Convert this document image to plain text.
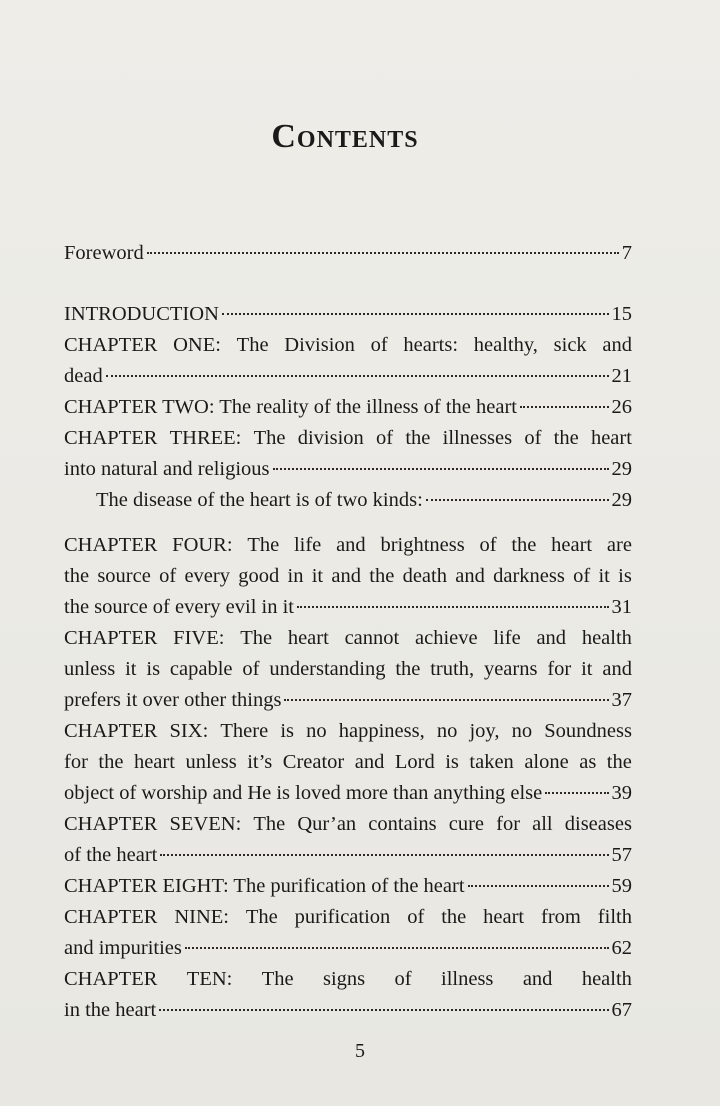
Contents
Foreword	7
INTRODUCTION	15
CHAPTER ONE: The Division of hearts: healthy, sick and
dead	21
CHAPTER TWO: The reality of the illness of the heart	26
CHAPTER THREE: The division of the illnesses of the heart
into natural and religious	29
The disease of the heart is of two kinds:	29
CHAPTER FOUR: The life and brightness of the heart are
the source of every good in it and the death and darkness of it is
the source of every evil in it	31
CHAPTER FIVE: The heart cannot achieve life and health
unless it is capable of understanding the truth, yearns for it and
prefers it over other things	37
CHAPTER SIX: There is no happiness, no joy, no Soundness
for the heart unless it’s Creator and Lord is taken alone as the
object of worship and He is loved more than anything else	39
CHAPTER SEVEN: The Qur’an contains cure for all diseases
of the heart	57
CHAPTER EIGHT: The purification of the heart	59
CHAPTER NINE: The purification of the heart from filth
and impurities	62
CHAPTER TEN: The signs of illness and health
in the heart	67
5
